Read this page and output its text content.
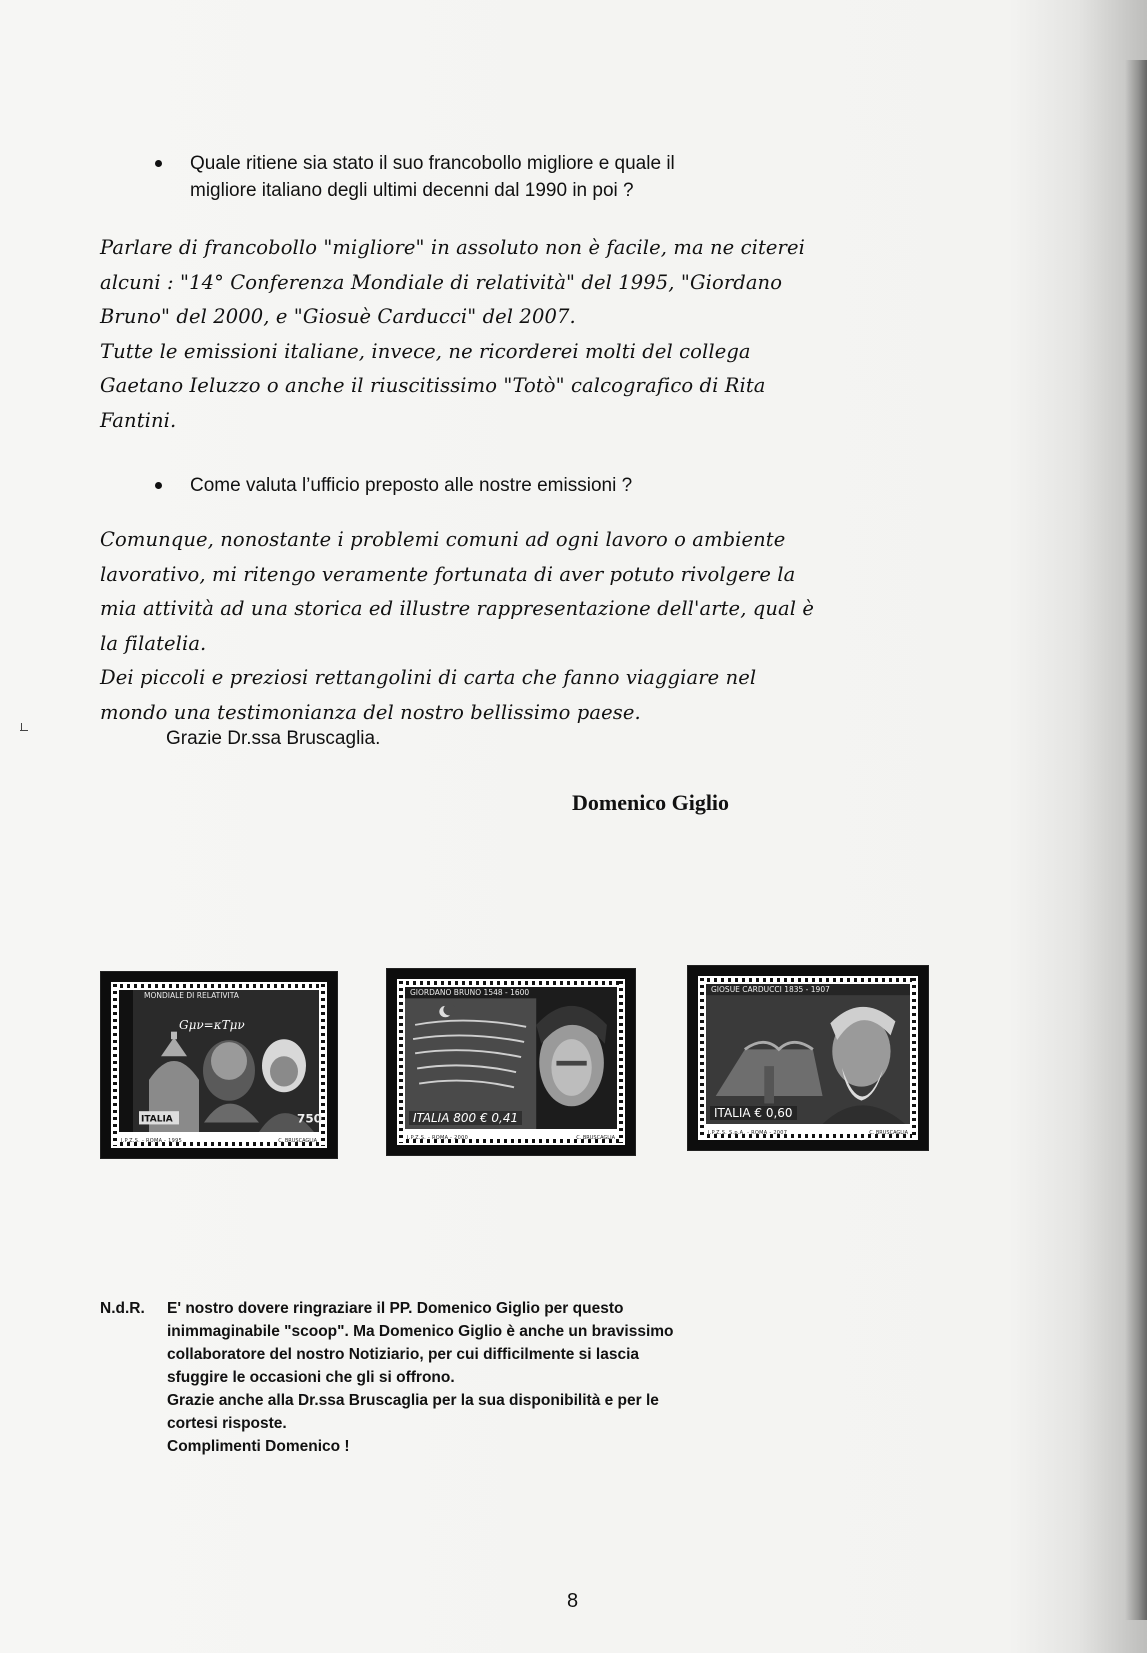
Quale ritiene sia stato il suo francobollo migliore e quale il
migliore italiano degli ultimi decenni dal 1990 in poi ?
Parlare di francobollo "migliore" in assoluto non è facile, ma ne citerei
alcuni : "14° Conferenza Mondiale di relatività" del 1995, "Giordano
Bruno" del 2000, e "Giosuè Carducci" del 2007.
Tutte le emissioni italiane, invece, ne ricorderei molti del collega
Gaetano Ieluzzo o anche il riuscitissimo "Totò" calcografico di Rita
Fantini.
Come valuta l’ufficio preposto alle nostre emissioni ?
Comunque, nonostante i problemi comuni ad ogni lavoro o ambiente
lavorativo, mi ritengo veramente fortunata di aver potuto rivolgere la
mia attività ad una storica ed illustre rappresentazione dell'arte, qual è
la filatelia.
Dei piccoli e preziosi rettangolini di carta che fanno viaggiare nel
mondo una testimonianza del nostro bellissimo paese.
Grazie Dr.ssa Bruscaglia.
Domenico Giglio
750
ITALIA
MONDIALE DI RELATIVITA
Gμν=κTμν
I.P.Z.S. - ROMA - 1995	C. BRUSCAGLIA
GIORDANO BRUNO 1548 - 1600
ITALIA 800 € 0,41
I.P.Z.S. - ROMA - 2000	C. BRUSCAGLIA
GIOSUE CARDUCCI 1835 - 1907
ITALIA € 0,60
I.P.Z.S. S.p.A. - ROMA - 2007	C. BRUSCAGLIA
N.d.R. E' nostro dovere ringraziare il PP. Domenico Giglio per questo
inimmaginabile "scoop". Ma Domenico Giglio è anche un bravissimo
collaboratore del nostro Notiziario, per cui difficilmente si lascia
sfuggire le occasioni che gli si offrono.
Grazie anche alla Dr.ssa Bruscaglia per la sua disponibilità e per le
cortesi risposte.
Complimenti Domenico !
8
